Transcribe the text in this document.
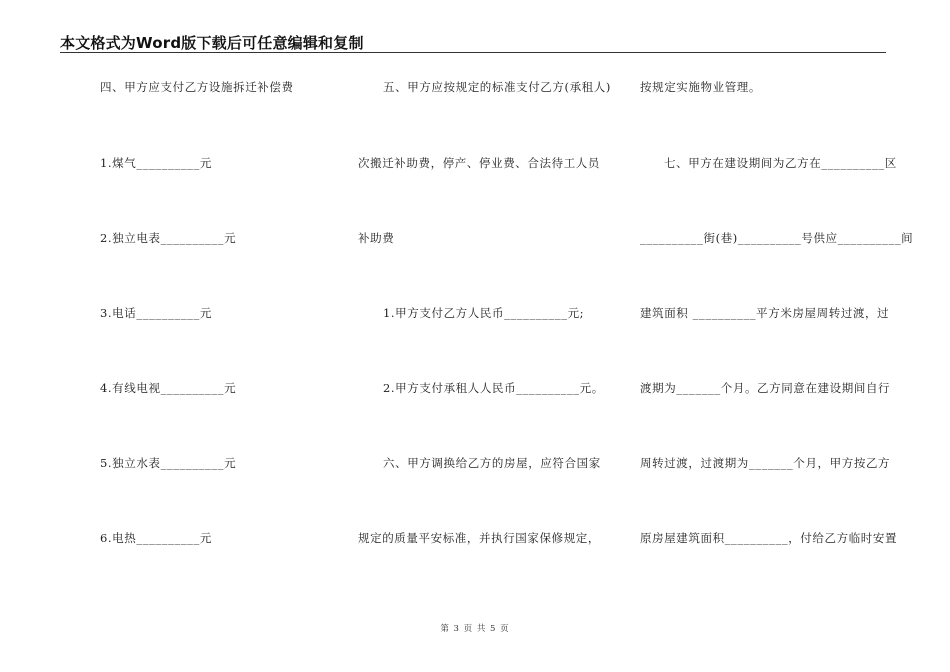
本文格式为Word版下载后可任意编辑和复制
四、甲方应支付乙方设施拆迁补偿费
1.煤气__________元
2.独立电表__________元
3.电话__________元
4.有线电视__________元
5.独立水表__________元
6.电热__________元
五、甲方应按规定的标准支付乙方(承租人)
次搬迁补助费，停产、停业费、合法待工人员
补助费
1.甲方支付乙方人民币__________元;
2.甲方支付承租人人民币__________元。
六、甲方调换给乙方的房屋，应符合国家
规定的质量平安标准，并执行国家保修规定，
按规定实施物业管理。
七、甲方在建设期间为乙方在__________区
__________街(巷)__________号供应__________间
建筑面积 __________平方米房屋周转过渡，过
渡期为_______个月。乙方同意在建设期间自行
周转过渡，过渡期为_______个月，甲方按乙方
原房屋建筑面积__________，付给乙方临时安置
第 3 页 共 5 页
